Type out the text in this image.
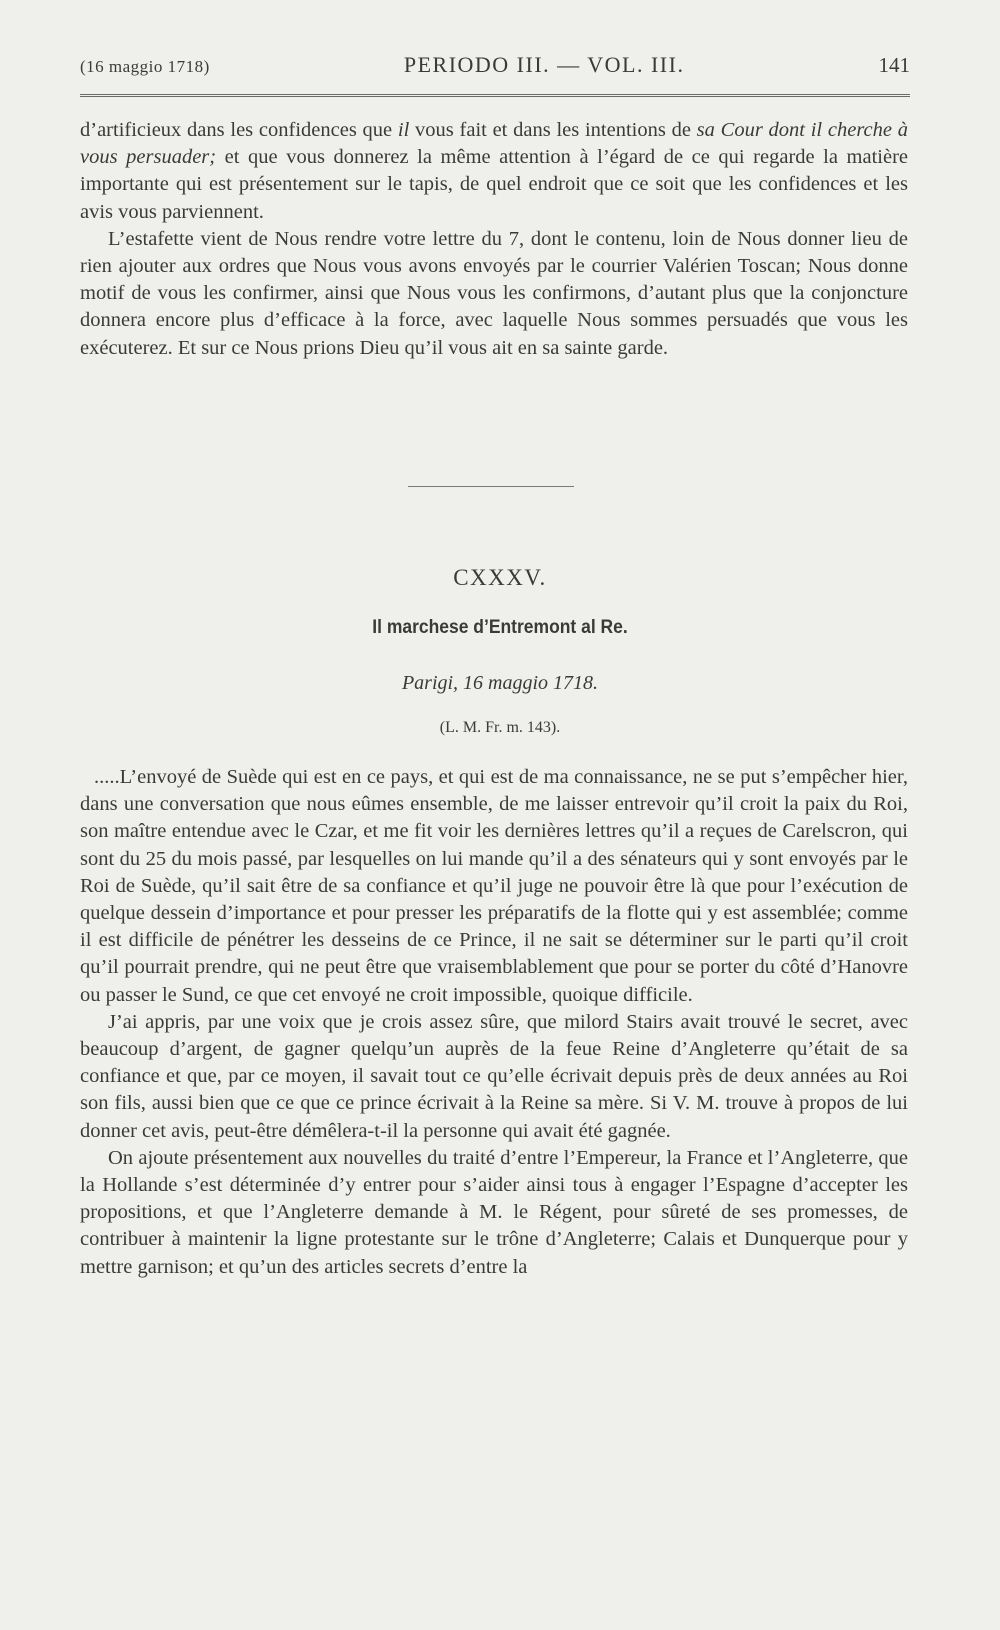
(16 maggio 1718)	PERIODO III. — VOL. III.	141

d’artificieux dans les confidences que il vous fait et dans les intentions de sa Cour dont il cherche à vous persuader; et que vous donnerez la même attention à l’égard de ce qui regarde la matière importante qui est présentement sur le tapis, de quel endroit que ce soit que les confidences et les avis vous parviennent.

L’estafette vient de Nous rendre votre lettre du 7, dont le contenu, loin de Nous donner lieu de rien ajouter aux ordres que Nous vous avons envoyés par le courrier Valérien Toscan; Nous donne motif de vous les confirmer, ainsi que Nous vous les confirmons, d’autant plus que la conjoncture donnera encore plus d’efficace à la force, avec laquelle Nous sommes persuadés que vous les exécuterez. Et sur ce Nous prions Dieu qu’il vous ait en sa sainte garde.

CXXXV.
Il marchese d’Entremont al Re.
Parigi, 16 maggio 1718.
(L. M. Fr. m. 143).

.....L’envoyé de Suède qui est en ce pays, et qui est de ma connaissance, ne se put s’empêcher hier, dans une conversation que nous eûmes ensemble, de me laisser entrevoir qu’il croit la paix du Roi, son maître entendue avec le Czar, et me fit voir les dernières lettres qu’il a reçues de Carelscron, qui sont du 25 du mois passé, par lesquelles on lui mande qu’il a des sénateurs qui y sont envoyés par le Roi de Suède, qu’il sait être de sa confiance et qu’il juge ne pouvoir être là que pour l’exécution de quelque dessein d’importance et pour presser les préparatifs de la flotte qui y est assemblée; comme il est difficile de pénétrer les desseins de ce Prince, il ne sait se déterminer sur le parti qu’il croit qu’il pourrait prendre, qui ne peut être que vraisemblablement que pour se porter du côté d’Hanovre ou passer le Sund, ce que cet envoyé ne croit impossible, quoique difficile.

J’ai appris, par une voix que je crois assez sûre, que milord Stairs avait trouvé le secret, avec beaucoup d’argent, de gagner quelqu’un auprès de la feue Reine d’Angleterre qu’était de sa confiance et que, par ce moyen, il savait tout ce qu’elle écrivait depuis près de deux années au Roi son fils, aussi bien que ce que ce prince écrivait à la Reine sa mère. Si V. M. trouve à propos de lui donner cet avis, peut-être démêlera-t-il la personne qui avait été gagnée.

On ajoute présentement aux nouvelles du traité d’entre l’Empereur, la France et l’Angleterre, que la Hollande s’est déterminée d’y entrer pour s’aider ainsi tous à engager l’Espagne d’accepter les propositions, et que l’Angleterre demande à M. le Régent, pour sûreté de ses promesses, de contribuer à maintenir la ligne protestante sur le trône d’Angleterre; Calais et Dunquerque pour y mettre garnison; et qu’un des articles secrets d’entre la
